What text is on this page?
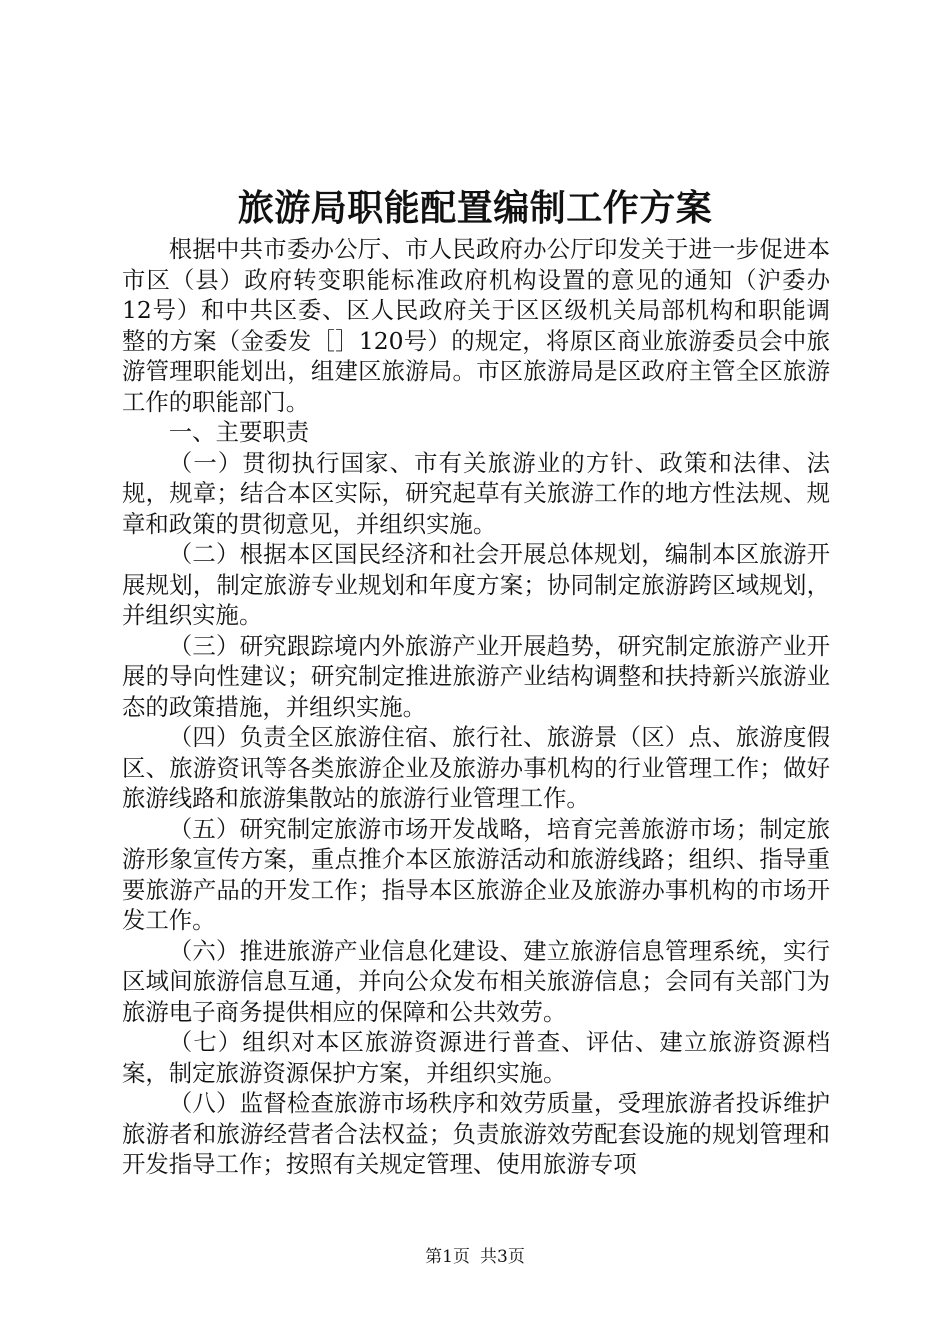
旅游局职能配置编制工作方案

根据中共市委办公厅、市人民政府办公厅印发关于进一步促进本市区（县）政府转变职能标准政府机构设置的意见的通知（沪委办12号）和中共区委、区人民政府关于区区级机关局部机构和职能调整的方案（金委发［］120号）的规定，将原区商业旅游委员会中旅游管理职能划出，组建区旅游局。市区旅游局是区政府主管全区旅游工作的职能部门。

一、主要职责

（一）贯彻执行国家、市有关旅游业的方针、政策和法律、法规，规章；结合本区实际，研究起草有关旅游工作的地方性法规、规章和政策的贯彻意见，并组织实施。

（二）根据本区国民经济和社会开展总体规划，编制本区旅游开展规划，制定旅游专业规划和年度方案；协同制定旅游跨区域规划，并组织实施。

（三）研究跟踪境内外旅游产业开展趋势，研究制定旅游产业开展的导向性建议；研究制定推进旅游产业结构调整和扶持新兴旅游业态的政策措施，并组织实施。

（四）负责全区旅游住宿、旅行社、旅游景（区）点、旅游度假区、旅游资讯等各类旅游企业及旅游办事机构的行业管理工作；做好旅游线路和旅游集散站的旅游行业管理工作。

（五）研究制定旅游市场开发战略，培育完善旅游市场；制定旅游形象宣传方案，重点推介本区旅游活动和旅游线路；组织、指导重要旅游产品的开发工作；指导本区旅游企业及旅游办事机构的市场开发工作。

（六）推进旅游产业信息化建设、建立旅游信息管理系统，实行区域间旅游信息互通，并向公众发布相关旅游信息；会同有关部门为旅游电子商务提供相应的保障和公共效劳。

（七）组织对本区旅游资源进行普查、评估、建立旅游资源档案，制定旅游资源保护方案，并组织实施。

（八）监督检查旅游市场秩序和效劳质量，受理旅游者投诉维护旅游者和旅游经营者合法权益；负责旅游效劳配套设施的规划管理和开发指导工作；按照有关规定管理、使用旅游专项

第1页 共3页
